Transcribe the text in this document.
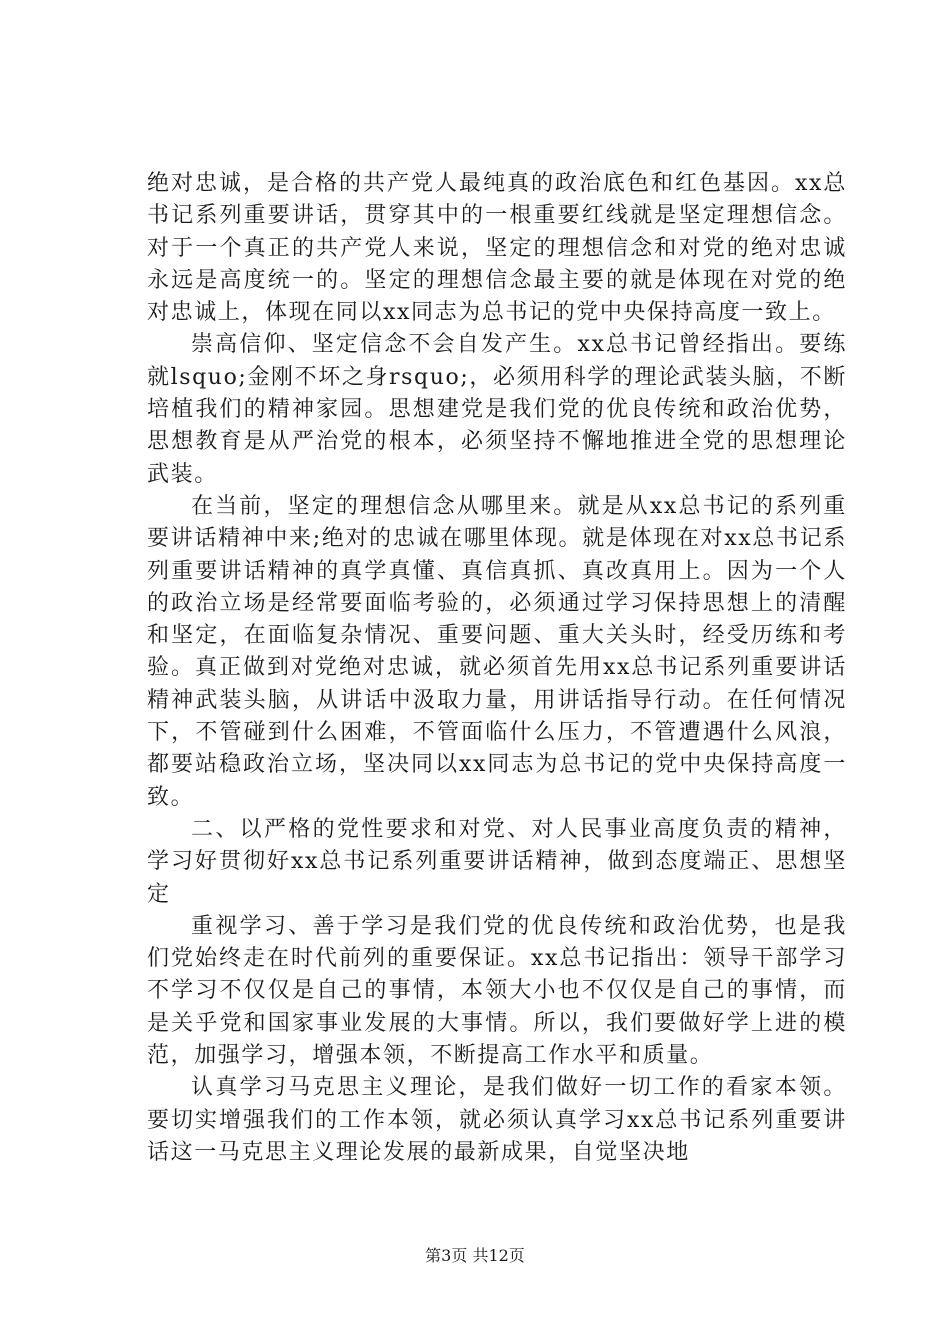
绝对忠诚，是合格的共产党人最纯真的政治底色和红色基因。xx总书记系列重要讲话，贯穿其中的一根重要红线就是坚定理想信念。对于一个真正的共产党人来说，坚定的理想信念和对党的绝对忠诚永远是高度统一的。坚定的理想信念最主要的就是体现在对党的绝对忠诚上，体现在同以xx同志为总书记的党中央保持高度一致上。

崇高信仰、坚定信念不会自发产生。xx总书记曾经指出。要练就lsquo;金刚不坏之身rsquo;，必须用科学的理论武装头脑，不断培植我们的精神家园。思想建党是我们党的优良传统和政治优势，思想教育是从严治党的根本，必须坚持不懈地推进全党的思想理论武装。

在当前，坚定的理想信念从哪里来。就是从xx总书记的系列重要讲话精神中来;绝对的忠诚在哪里体现。就是体现在对xx总书记系列重要讲话精神的真学真懂、真信真抓、真改真用上。因为一个人的政治立场是经常要面临考验的，必须通过学习保持思想上的清醒和坚定，在面临复杂情况、重要问题、重大关头时，经受历练和考验。真正做到对党绝对忠诚，就必须首先用xx总书记系列重要讲话精神武装头脑，从讲话中汲取力量，用讲话指导行动。在任何情况下，不管碰到什么困难，不管面临什么压力，不管遭遇什么风浪，都要站稳政治立场，坚决同以xx同志为总书记的党中央保持高度一致。

二、以严格的党性要求和对党、对人民事业高度负责的精神，学习好贯彻好xx总书记系列重要讲话精神，做到态度端正、思想坚定

重视学习、善于学习是我们党的优良传统和政治优势，也是我们党始终走在时代前列的重要保证。xx总书记指出：领导干部学习不学习不仅仅是自己的事情，本领大小也不仅仅是自己的事情，而是关乎党和国家事业发展的大事情。所以，我们要做好学上进的模范，加强学习，增强本领，不断提高工作水平和质量。

认真学习马克思主义理论，是我们做好一切工作的看家本领。要切实增强我们的工作本领，就必须认真学习xx总书记系列重要讲话这一马克思主义理论发展的最新成果，自觉坚决地

第3页 共12页
